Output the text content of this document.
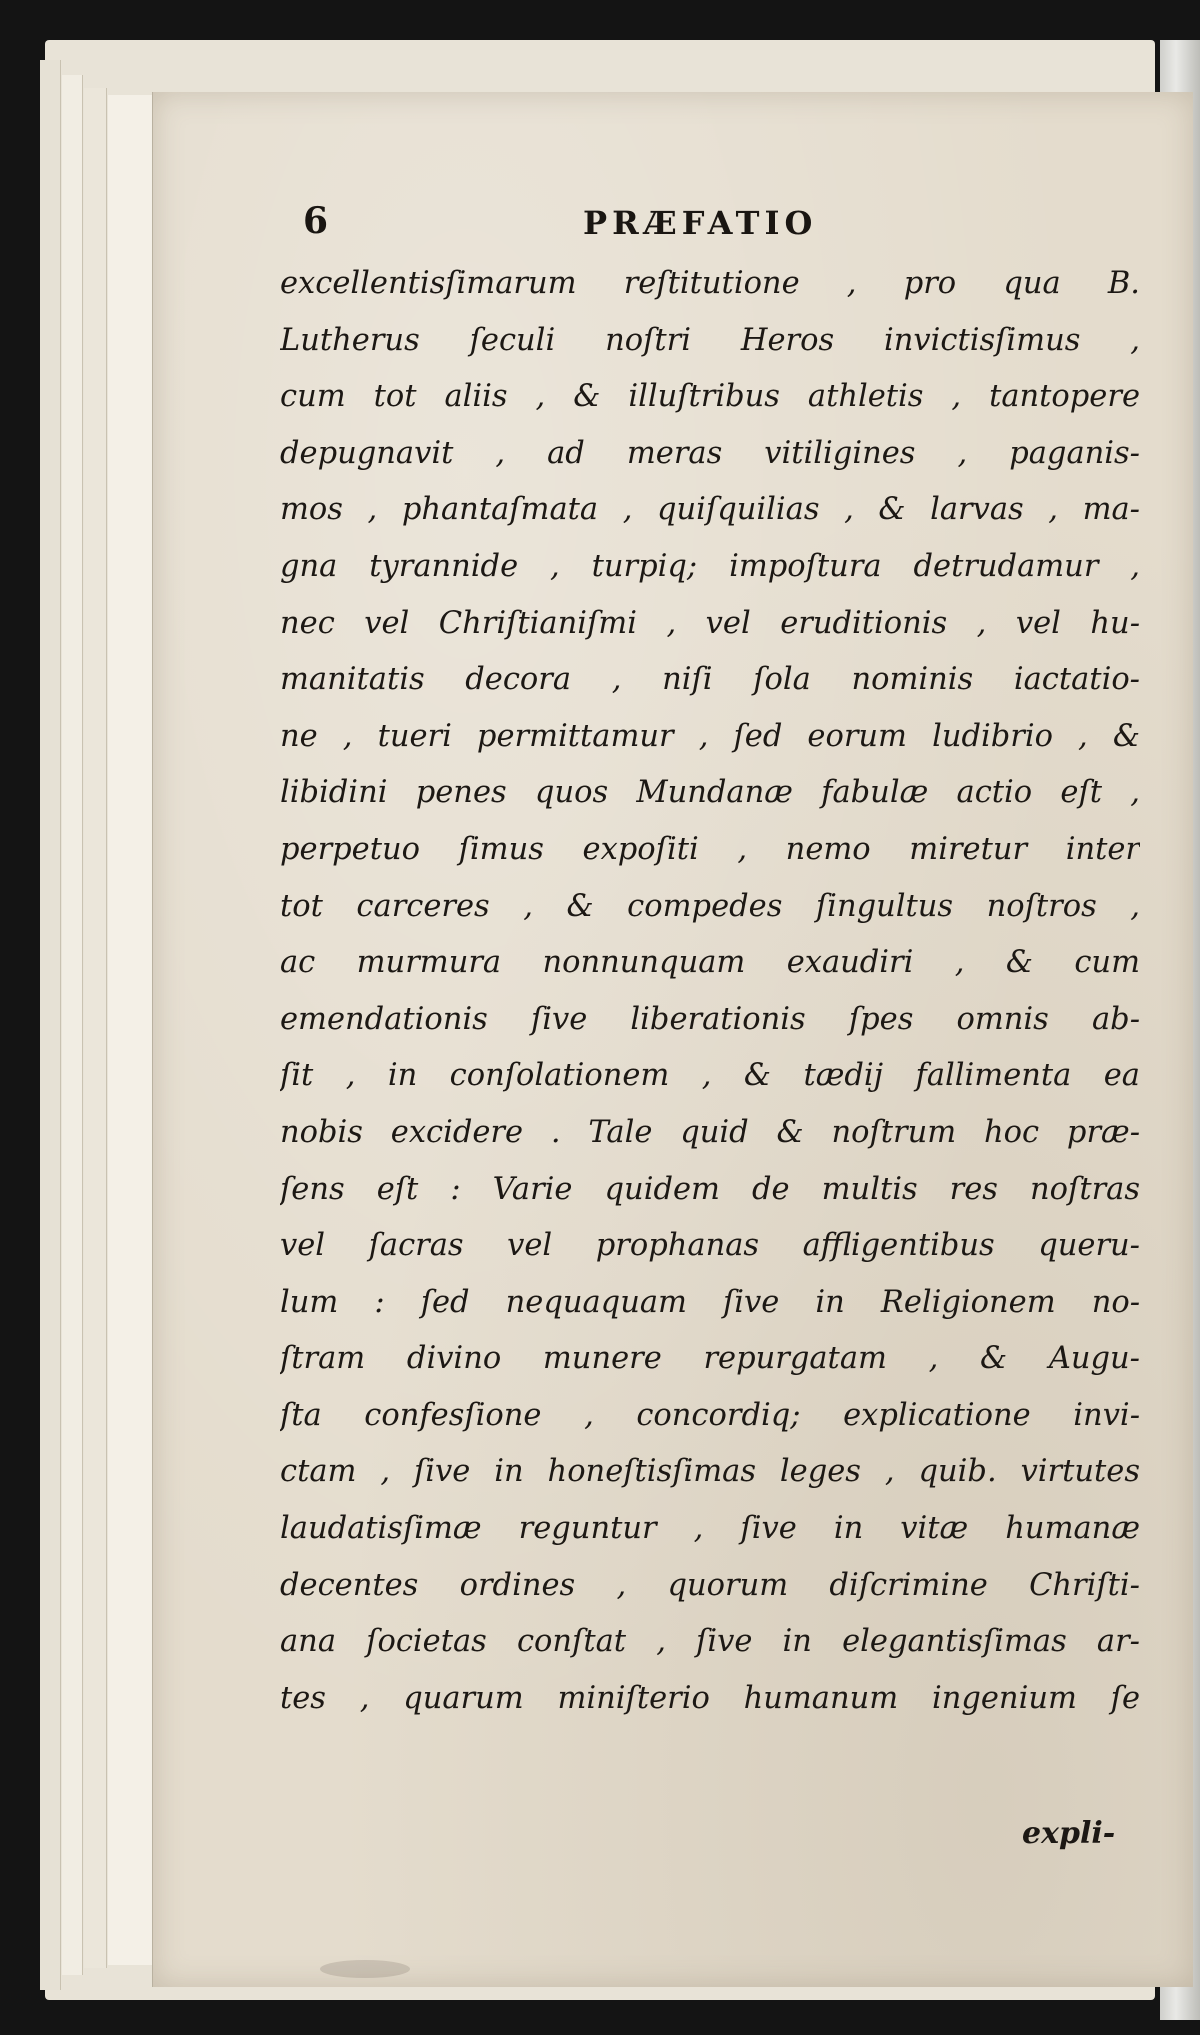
6	PRÆFATIO
excellentisſimarum reſtitutione , pro qua B.
Lutherus ſeculi noſtri Heros invictisſimus ,
cum tot aliis , & illuſtribus athletis , tantopere
depugnavit , ad meras vitiligines , paganis-
mos , phantaſmata , quiſquilias , & larvas , ma-
gna tyrannide , turpiq; impoſtura detrudamur ,
nec vel Chriſtianiſmi , vel eruditionis , vel hu-
manitatis decora , niſi ſola nominis iactatio-
ne , tueri permittamur , ſed eorum ludibrio , &
libidini penes quos Mundanæ fabulæ actio eſt ,
perpetuo ſimus expoſiti , nemo miretur inter
tot carceres , & compedes ſingultus noſtros ,
ac murmura nonnunquam exaudiri , & cum
emendationis ſive liberationis ſpes omnis ab-
ſit , in conſolationem , & tædij fallimenta ea
nobis excidere . Tale quid & noſtrum hoc præ-
ſens eſt : Varie quidem de multis res noſtras
vel ſacras vel prophanas affligentibus queru-
lum : ſed nequaquam ſive in Religionem no-
ſtram divino munere repurgatam , & Augu-
ſta confesſione , concordiq; explicatione invi-
ctam , ſive in honeſtisſimas leges , quib. virtutes
laudatisſimæ reguntur , ſive in vitæ humanæ
decentes ordines , quorum diſcrimine Chriſti-
ana ſocietas conſtat , ſive in elegantisſimas ar-
tes , quarum miniſterio humanum ingenium ſe
expli-
